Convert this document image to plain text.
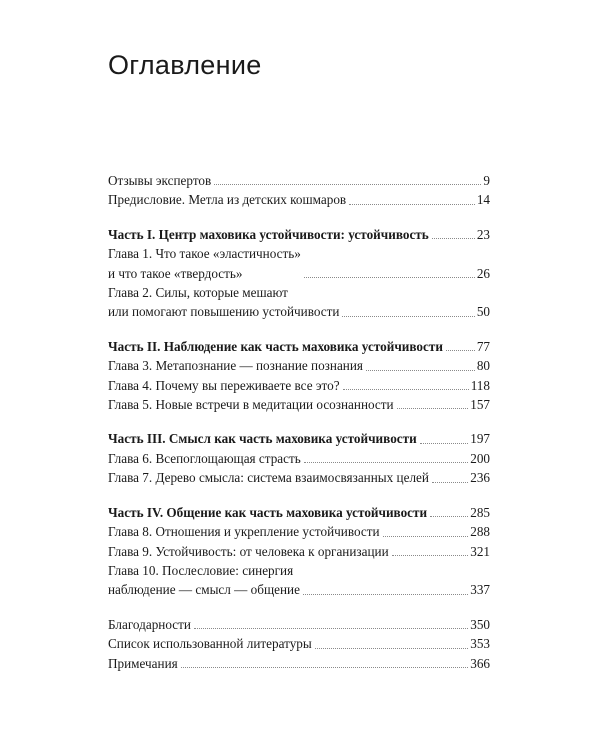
Оглавление
Отзывы экспертов	9
Предисловие. Метла из детских кошмаров	14
Часть I. Центр маховика устойчивости: устойчивость	23
Глава 1. Что такое «эластичность»
и что такое «твердость»	26
Глава 2. Силы, которые мешают
или помогают повышению устойчивости	50
Часть II. Наблюдение как часть маховика устойчивости	77
Глава 3. Метапознание — познание познания	80
Глава 4. Почему вы переживаете все это?	118
Глава 5. Новые встречи в медитации осознанности	157
Часть III. Смысл как часть маховика устойчивости	197
Глава 6. Всепоглощающая страсть	200
Глава 7. Дерево смысла: система взаимосвязанных целей	236
Часть IV. Общение как часть маховика устойчивости	285
Глава 8. Отношения и укрепление устойчивости	288
Глава 9. Устойчивость: от человека к организации	321
Глава 10. Послесловие: синергия
наблюдение — смысл — общение	337
Благодарности	350
Список использованной литературы	353
Примечания	366
